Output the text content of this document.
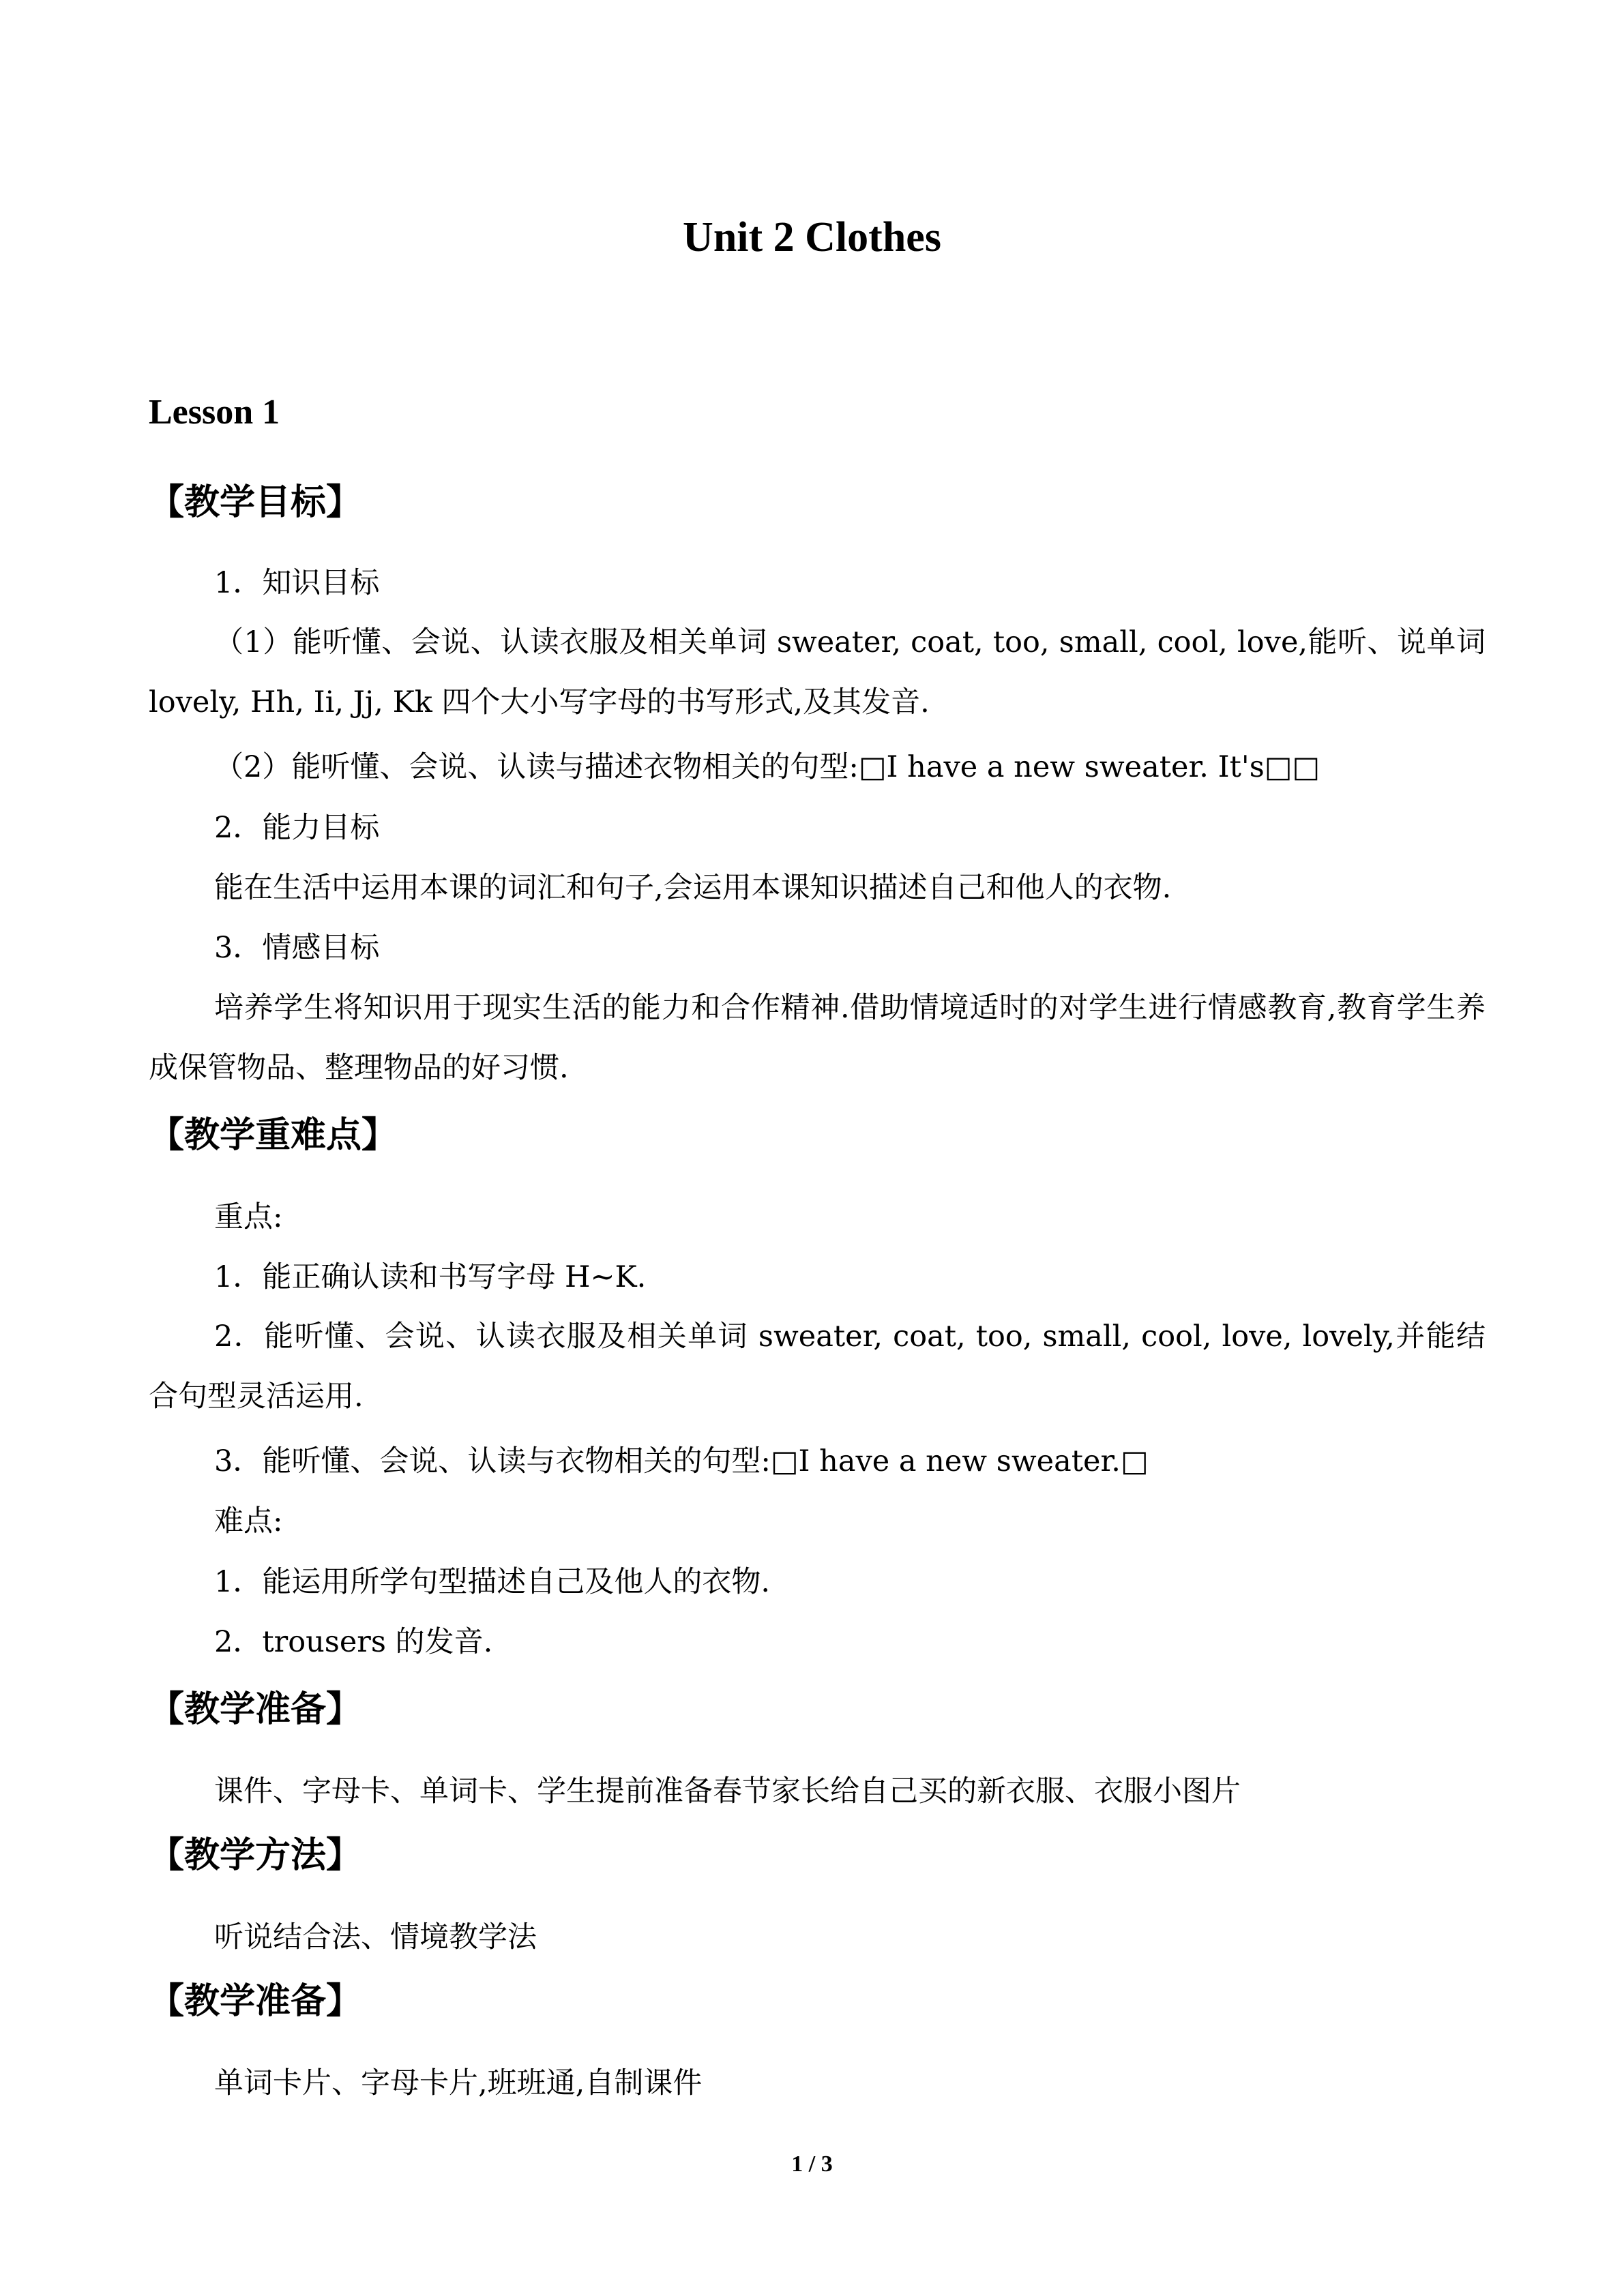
Unit 2 Clothes
Lesson 1
【教学目标】
1．知识目标
（1）能听懂、会说、认读衣服及相关单词 sweater, coat, too, small, cool, love,能听、说单词 lovely, Hh, Ii, Jj, Kk 四个大小写字母的书写形式,及其发音.
（2）能听懂、会说、认读与描述衣物相关的句型:□I have a new sweater. It's□□
2．能力目标
能在生活中运用本课的词汇和句子,会运用本课知识描述自己和他人的衣物.
3．情感目标
培养学生将知识用于现实生活的能力和合作精神.借助情境适时的对学生进行情感教育,教育学生养成保管物品、整理物品的好习惯.
【教学重难点】
重点:
1．能正确认读和书写字母 H~K.
2．能听懂、会说、认读衣服及相关单词 sweater, coat, too, small, cool, love, lovely,并能结合句型灵活运用.
3．能听懂、会说、认读与衣物相关的句型:□I have a new sweater.□
难点:
1．能运用所学句型描述自己及他人的衣物.
2．trousers 的发音.
【教学准备】
课件、字母卡、单词卡、学生提前准备春节家长给自己买的新衣服、衣服小图片
【教学方法】
听说结合法、情境教学法
【教学准备】
单词卡片、字母卡片,班班通,自制课件
1 / 3
